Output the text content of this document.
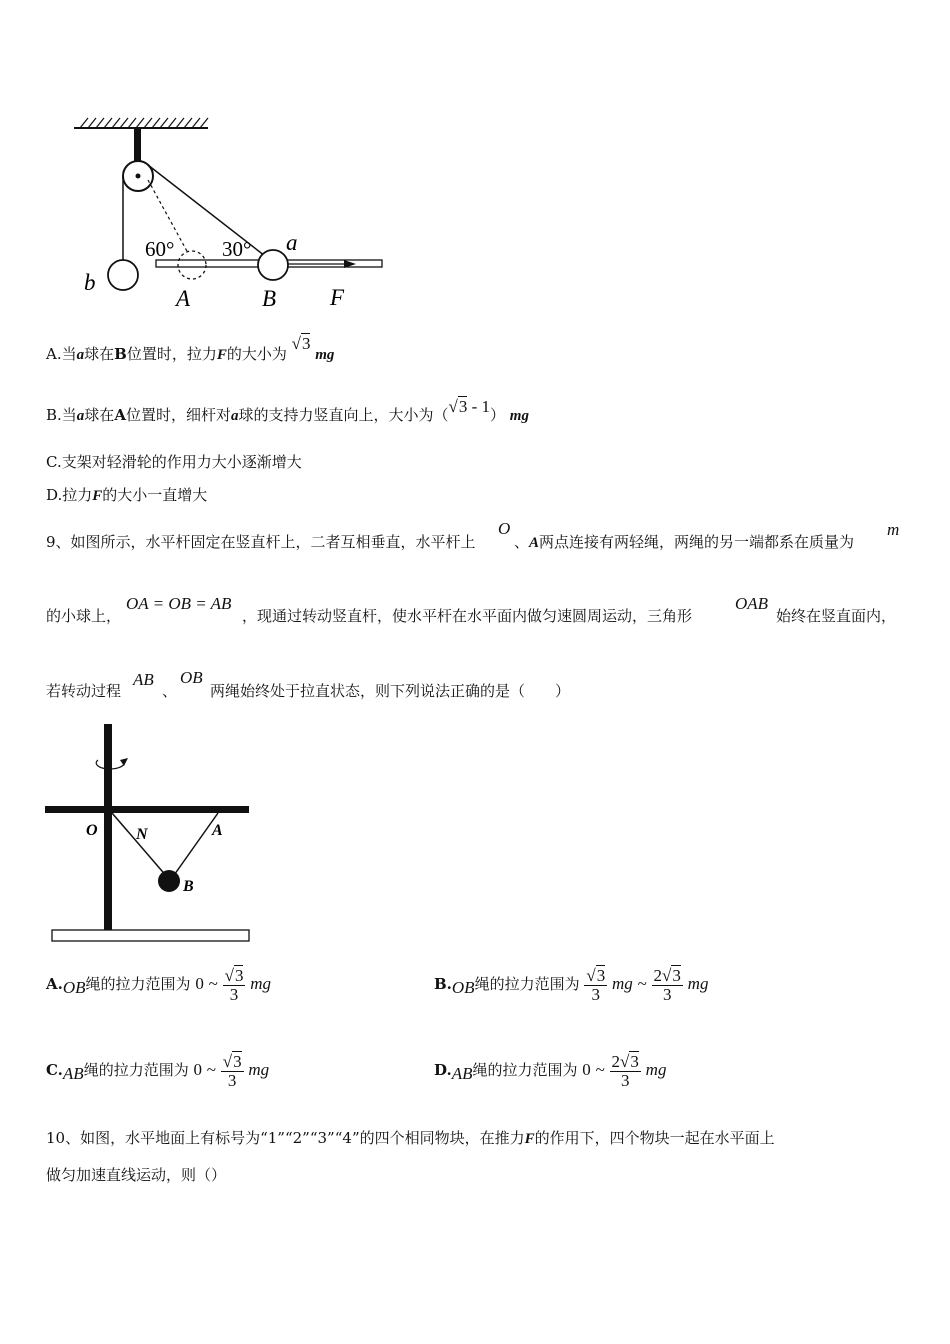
60° 30° a
b
A	B F
A.当a球在B位置时，拉力F的大小为 √3 mg
B.当a球在A位置时，细杆对a球的支持力竖直向上，大小为（√3 - 1） mg
C.支架对轻滑轮的作用力大小逐渐增大
D.拉力F的大小一直增大
9、如图所示，水平杆固定在竖直杆上，二者互相垂直，水平杆上
O
、A两点连接有两轻绳，两绳的另一端都系在质量为
m
的小球上，
OA = OB = AB
，现通过转动竖直杆，使水平杆在水平面内做匀速圆周运动，三角形
OAB
始终在竖直面内，
若转动过程
AB
、
OB
两绳始终处于拉直状态，则下列说法正确的是（　　）
O N	A
B
A.OB绳的拉力范围为 0 ~ $\frac{√3}{3}$ mg	B.OB绳的拉力范围为 $\frac{√3}{3}$ mg ~ $\frac{2√3}{3}$ mg
C.AB绳的拉力范围为 0 ~ $\frac{√3}{3}$ mg	D.AB绳的拉力范围为 0 ~ $\frac{2√3}{3}$ mg
10、如图，水平地面上有标号为“1”“2”“3”“4”的四个相同物块，在推力F的作用下，四个物块一起在水平面上
做匀加速直线运动，则（）
